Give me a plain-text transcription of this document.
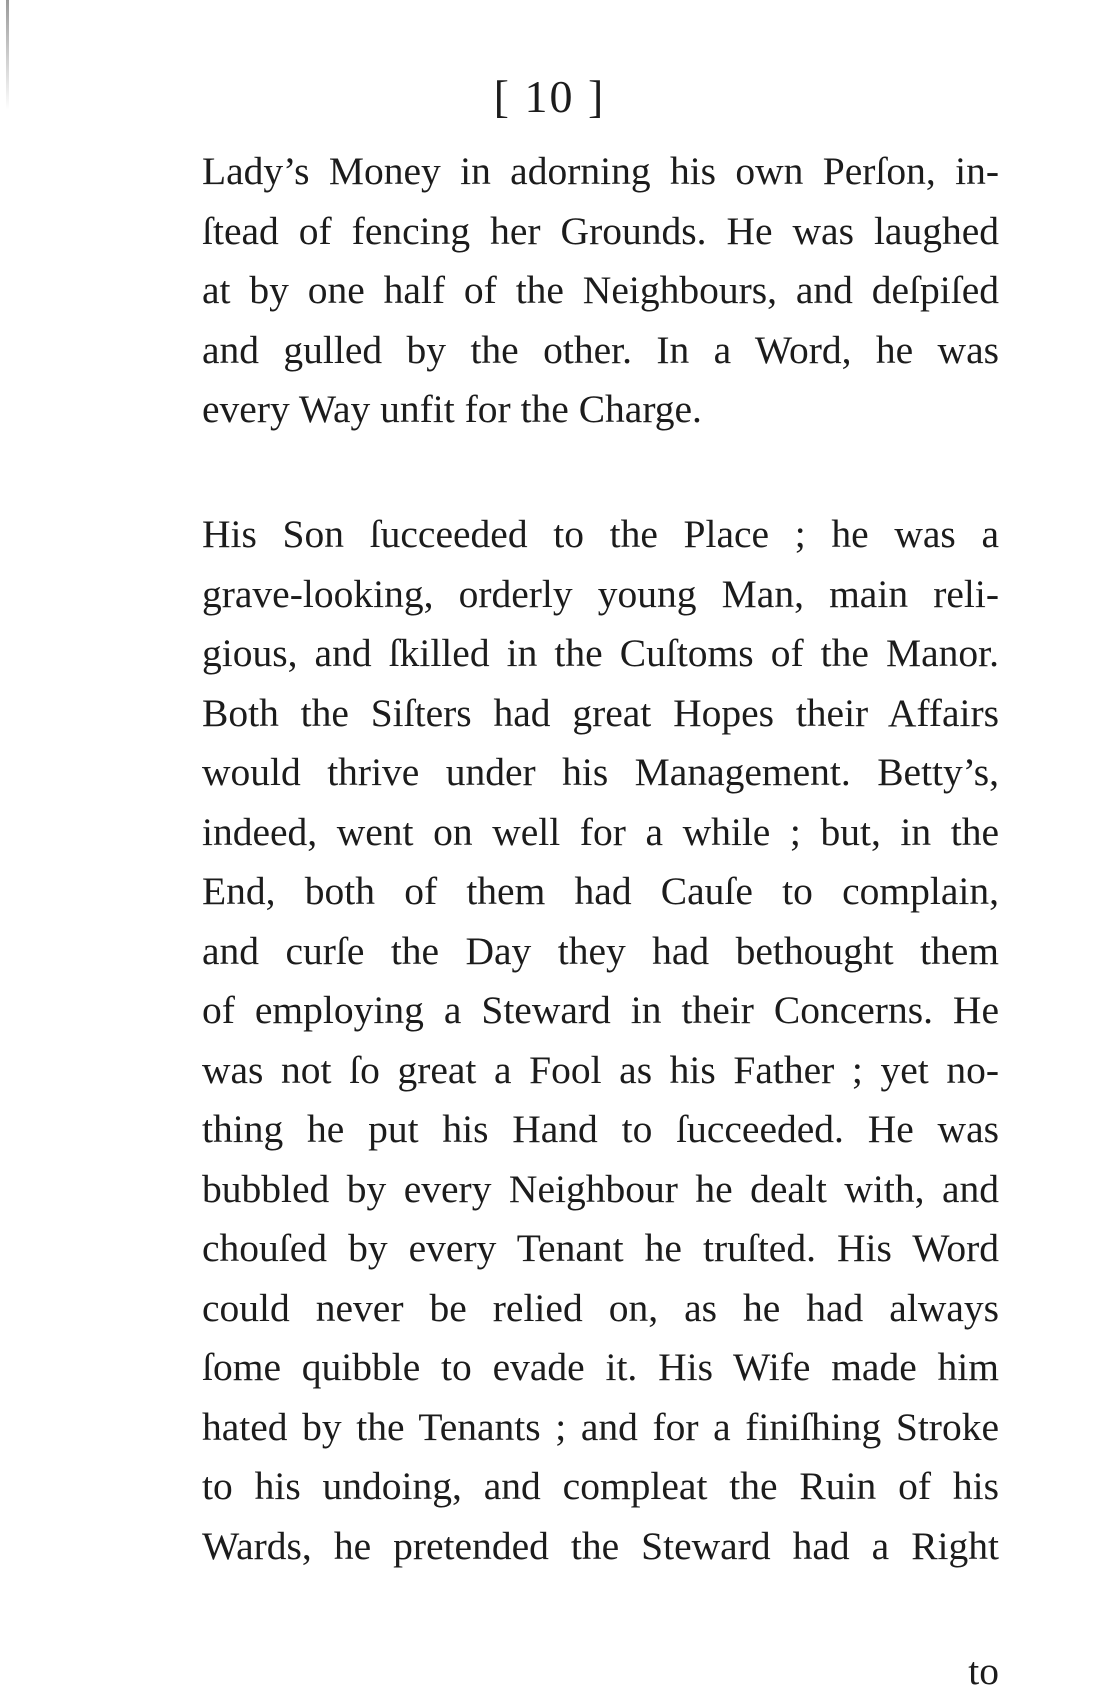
[ 10 ]
Lady’s Money in adorning his own Perſon, in-
ſtead of fencing her Grounds. He was laughed
at by one half of the Neighbours, and deſpiſed
and gulled by the other. In a Word, he was
every Way unfit for the Charge.
His Son ſucceeded to the Place ; he was a
grave-looking, orderly young Man, main reli-
gious, and ſkilled in the Cuſtoms of the Manor.
Both the Siſters had great Hopes their Affairs
would thrive under his Management. Betty’s,
indeed, went on well for a while ; but, in the
End, both of them had Cauſe to complain,
and curſe the Day they had bethought them
of employing a Steward in their Concerns. He
was not ſo great a Fool as his Father ; yet no-
thing he put his Hand to ſucceeded. He was
bubbled by every Neighbour he dealt with, and
chouſed by every Tenant he truſted. His Word
could never be relied on, as he had always
ſome quibble to evade it. His Wife made him
hated by the Tenants ; and for a finiſhing Stroke
to his undoing, and compleat the Ruin of his
Wards, he pretended the Steward had a Right
to
